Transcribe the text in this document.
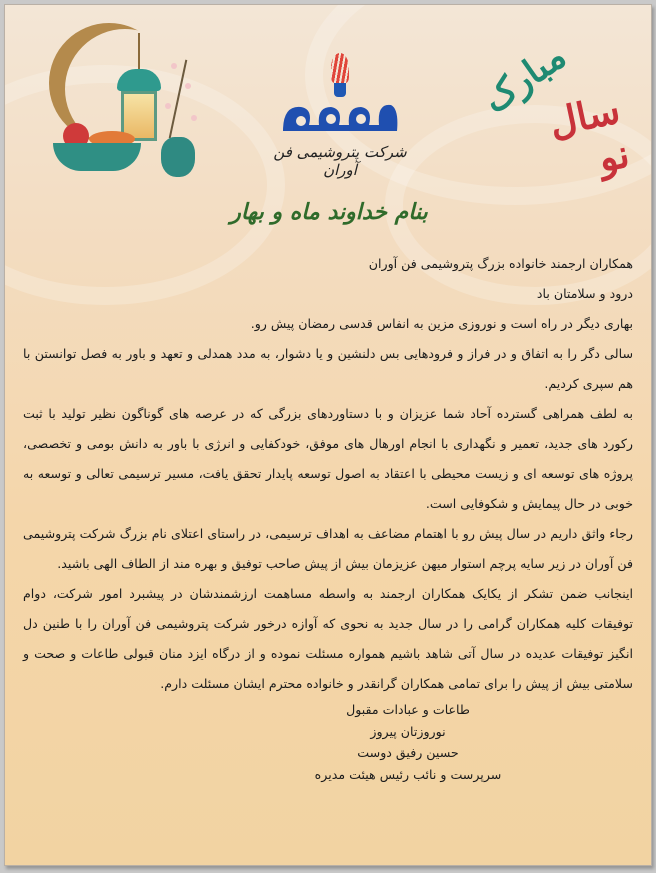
شرکت پتروشیمی فن آوران
مبارک
سال نو
بنام خداوند ماه و بهار

همکاران ارجمند خانواده بزرگ پتروشیمی فن آوران

درود و سلامتان باد

بهاری دیگر در راه است و نوروزی مزین به انفاس قدسی رمضان پیش رو.

سالی دگر را به اتفاق و در فراز و فرودهایی بس دلنشین و یا دشوار، به مدد همدلی و تعهد و باور به فصل توانستن با هم سپری کردیم.

به لطف همراهی گسترده آحاد شما عزیزان و با دستاوردهای بزرگی که در عرصه های گوناگون نظیر تولید با ثبت رکورد های جدید، تعمیر و نگهداری با انجام اورهال های موفق، خودکفایی و انرژی با باور به دانش بومی و تخصصی، پروژه های توسعه ای و زیست محیطی با اعتقاد به اصول توسعه پایدار تحقق یافت، مسیر ترسیمی تعالی و توسعه به خوبی در حال پیمایش و شکوفایی است.

رجاء واثق داریم در سال پیش رو با اهتمام مضاعف به اهداف ترسیمی، در راستای اعتلای نام بزرگ شرکت پتروشیمی فن آوران در زیر سایه پرچم استوار میهن عزیزمان بیش از پیش صاحب توفیق و بهره مند از الطاف الهی باشید.

اینجانب ضمن تشکر از یکایک همکاران ارجمند به واسطه مساهمت ارزشمندشان در پیشبرد امور شرکت، دوام توفیقات کلیه همکاران گرامی را در سال جدید به نحوی که آوازه درخور شرکت پتروشیمی فن آوران را با طنین دل انگیز توفیقات عدیده در سال آتی شاهد باشیم همواره مسئلت نموده و از درگاه ایزد منان قبولی طاعات و صحت و سلامتی بیش از پیش را برای تمامی همکاران گرانقدر و خانواده محترم ایشان مسئلت دارم.

طاعات و عبادات مقبول

نوروزتان پیروز

حسین رفیق دوست

سرپرست و نائب رئیس هیئت مدیره
